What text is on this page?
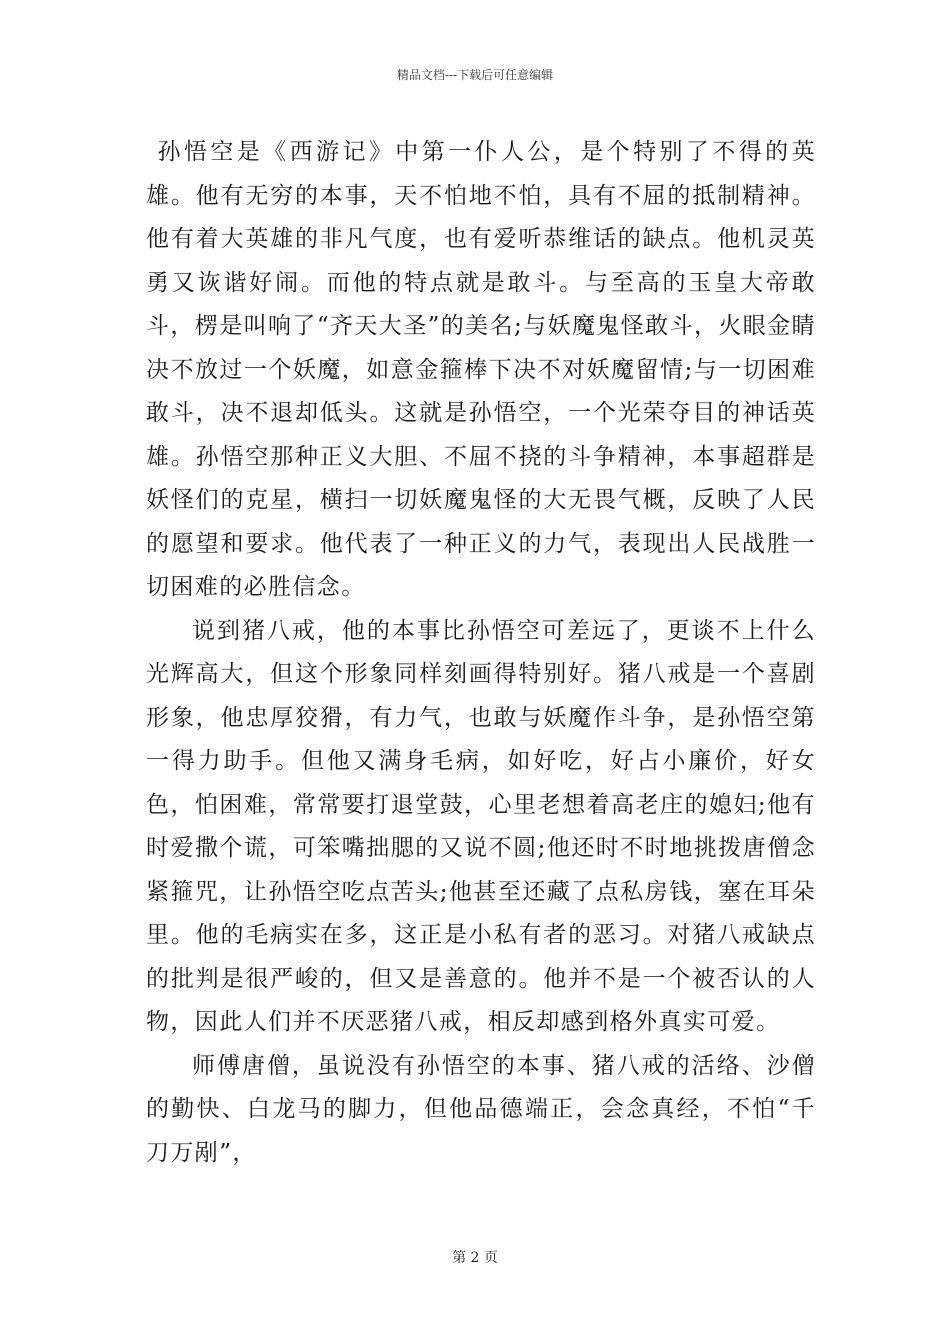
精品文档---下载后可任意编辑

孙悟空是《西游记》中第一仆人公，是个特别了不得的英雄。他有无穷的本事，天不怕地不怕，具有不屈的抵制精神。他有着大英雄的非凡气度，也有爱听恭维话的缺点。他机灵英勇又诙谐好闹。而他的特点就是敢斗。与至高的玉皇大帝敢斗，楞是叫响了“齐天大圣”的美名;与妖魔鬼怪敢斗，火眼金睛决不放过一个妖魔，如意金箍棒下决不对妖魔留情;与一切困难敢斗，决不退却低头。这就是孙悟空，一个光荣夺目的神话英雄。孙悟空那种正义大胆、不屈不挠的斗争精神，本事超群是妖怪们的克星，横扫一切妖魔鬼怪的大无畏气概，反映了人民的愿望和要求。他代表了一种正义的力气，表现出人民战胜一切困难的必胜信念。

说到猪八戒，他的本事比孙悟空可差远了，更谈不上什么光辉高大，但这个形象同样刻画得特别好。猪八戒是一个喜剧形象，他忠厚狡猾，有力气，也敢与妖魔作斗争，是孙悟空第一得力助手。但他又满身毛病，如好吃，好占小廉价，好女色，怕困难，常常要打退堂鼓，心里老想着高老庄的媳妇;他有时爱撒个谎，可笨嘴拙腮的又说不圆;他还时不时地挑拨唐僧念紧箍咒，让孙悟空吃点苦头;他甚至还藏了点私房钱，塞在耳朵里。他的毛病实在多，这正是小私有者的恶习。对猪八戒缺点的批判是很严峻的，但又是善意的。他并不是一个被否认的人物，因此人们并不厌恶猪八戒，相反却感到格外真实可爱。

师傅唐僧，虽说没有孙悟空的本事、猪八戒的活络、沙僧的勤快、白龙马的脚力，但他品德端正，会念真经，不怕“千刀万剐”，

第 2 页
